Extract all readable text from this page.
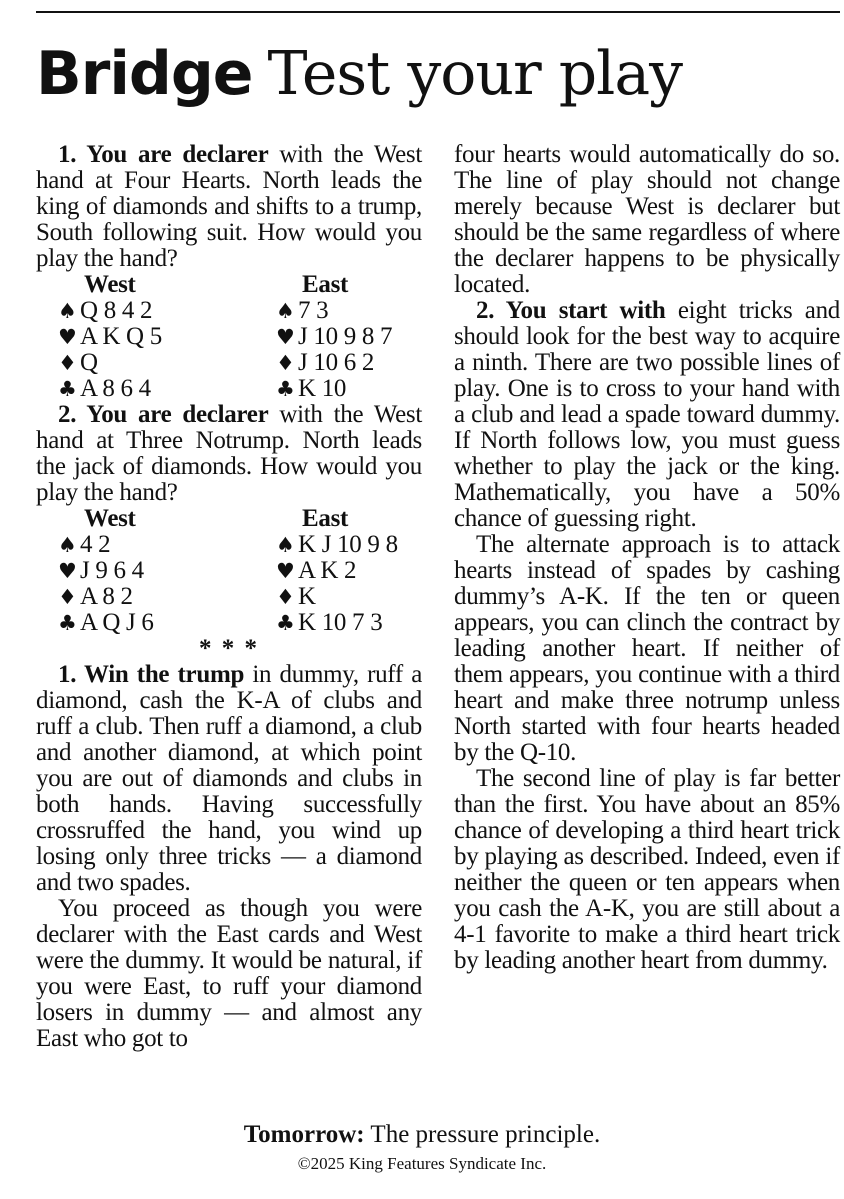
Bridge Test your play

1. You are declarer with the West hand at Four Hearts. North leads the king of diamonds and shifts to a trump, South following suit. How would you play the hand?

West
♠ Q 8 4 2
♥ A K Q 5
♦ Q
♣ A 8 6 4
East
♠ 7 3
♥ J 10 9 8 7
♦ J 10 6 2
♣ K 10

2. You are declarer with the West hand at Three Notrump. North leads the jack of diamonds. How would you play the hand?

West
♠ 4 2
♥ J 9 6 4
♦ A 8 2
♣ A Q J 6
East
♠ K J 10 9 8
♥ A K 2
♦ K
♣ K 10 7 3
* * *

1. Win the trump in dummy, ruff a diamond, cash the K-A of clubs and ruff a club. Then ruff a diamond, a club and another diamond, at which point you are out of diamonds and clubs in both hands. Having successfully crossruffed the hand, you wind up losing only three tricks — a diamond and two spades.

You proceed as though you were declarer with the East cards and West were the dummy. It would be natural, if you were East, to ruff your diamond losers in dummy — and almost any East who got to

four hearts would automatically do so. The line of play should not change merely because West is declarer but should be the same regardless of where the declarer happens to be physically located.

2. You start with eight tricks and should look for the best way to acquire a ninth. There are two possible lines of play. One is to cross to your hand with a club and lead a spade toward dummy. If North follows low, you must guess whether to play the jack or the king. Mathematically, you have a 50% chance of guessing right.

The alternate approach is to attack hearts instead of spades by cashing dummy’s A-K. If the ten or queen appears, you can clinch the contract by leading another heart. If neither of them appears, you continue with a third heart and make three notrump unless North started with four hearts headed by the Q-10.

The second line of play is far better than the first. You have about an 85% chance of developing a third heart trick by playing as described. Indeed, even if neither the queen or ten appears when you cash the A-K, you are still about a 4-1 favorite to make a third heart trick by leading another heart from dummy.

Tomorrow: The pressure principle.
©2025 King Features Syndicate Inc.
